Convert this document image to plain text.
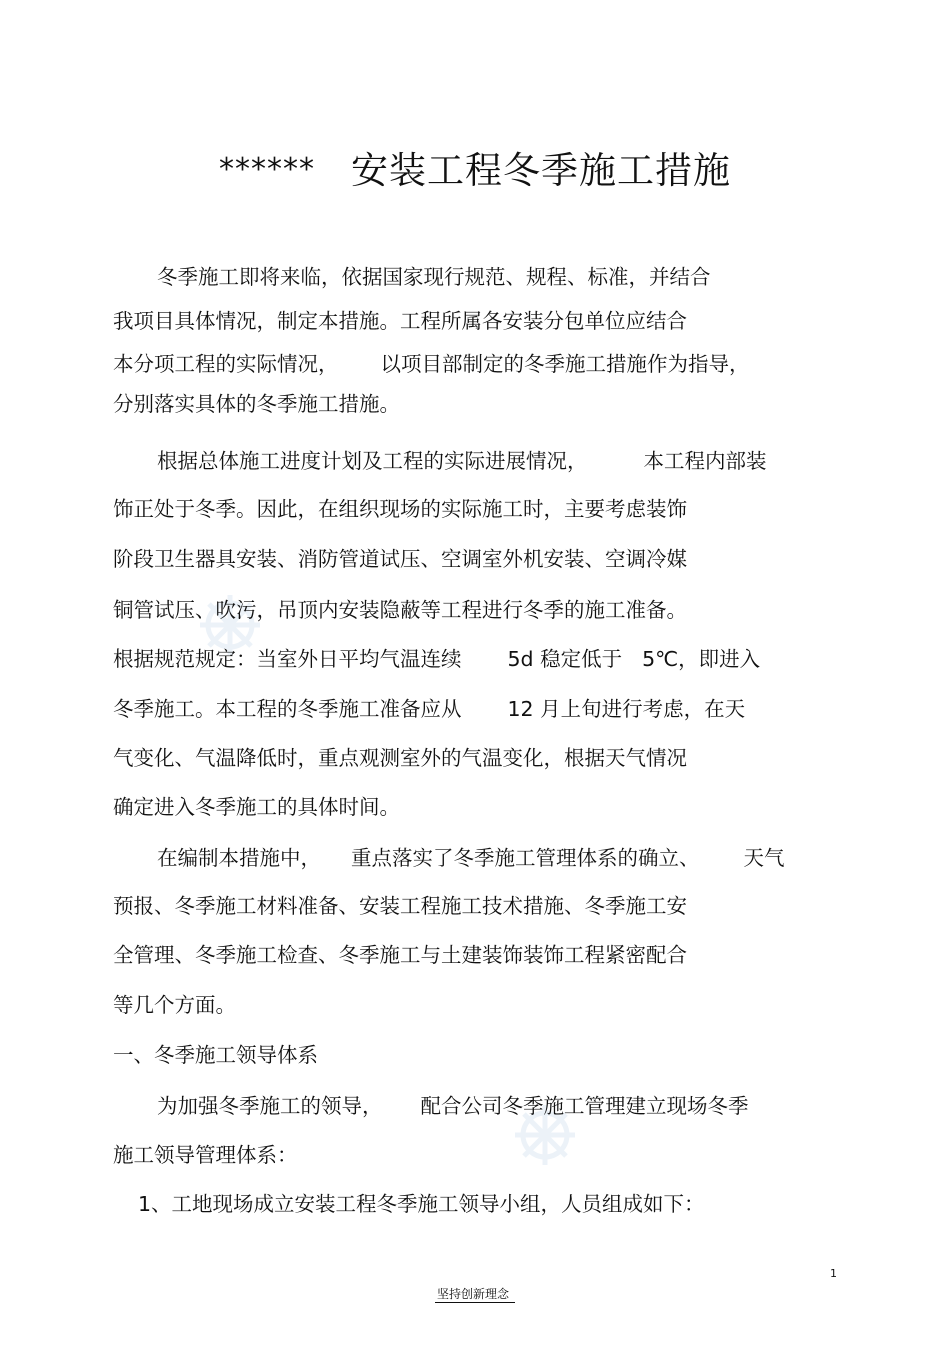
****** 安装工程冬季施工措施
冬季施工即将来临，依据国家现行规范、规程、标准，并结合
我项目具体情况，制定本措施。工程所属各安装分包单位应结合
本分项工程的实际情况， 以项目部制定的冬季施工措施作为指导，
分别落实具体的冬季施工措施。
根据总体施工进度计划及工程的实际进展情况，	本工程内部装
饰正处于冬季。因此，在组织现场的实际施工时，主要考虑装饰
阶段卫生器具安装、消防管道试压、空调室外机安装、空调冷媒
铜管试压、吹污，吊顶内安装隐蔽等工程进行冬季的施工准备。
根据规范规定：当室外日平均气温连续 5d 稳定低于 5℃，即进入
冬季施工。本工程的冬季施工准备应从 12 月上旬进行考虑，在天
气变化、气温降低时，重点观测室外的气温变化，根据天气情况
确定进入冬季施工的具体时间。
在编制本措施中， 重点落实了冬季施工管理体系的确立、 天气
预报、冬季施工材料准备、安装工程施工技术措施、冬季施工安
全管理、冬季施工检查、冬季施工与土建装饰装饰工程紧密配合
等几个方面。
一、冬季施工领导体系
为加强冬季施工的领导， 配合公司冬季施工管理建立现场冬季
施工领导管理体系：
1、工地现场成立安装工程冬季施工领导小组，人员组成如下：
1
坚持创新理念
